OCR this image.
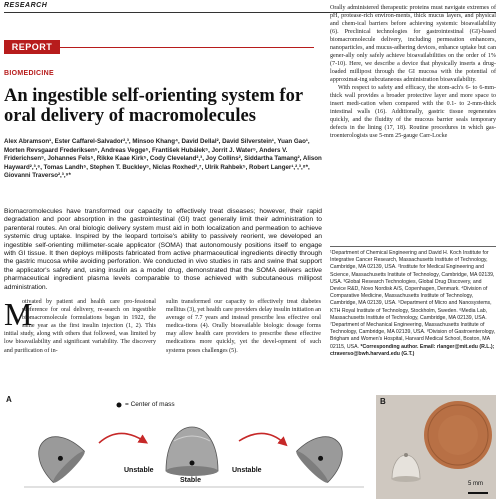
RESEARCH
REPORT
BIOMEDICINE
An ingestible self-orienting system for oral delivery of macromolecules
Alex Abramson¹, Ester Caffarel-Salvador²,³, Minsoo Khang⁴, David Dellal², David Silverstein¹, Yuan Gao¹, Morten Revsgaard Frederiksen⁵, Andreas Vegge⁵, František Hubálek⁵, Jorrit J. Water⁵, Anders V. Friderichsen⁵, Johannes Fels⁵, Rikke Kaae Kirk⁵, Cody Cleveland²,³, Joy Collins², Siddartha Tamang², Alison Hayward²,³,⁶, Tomas Landh⁵, Stephen T. Buckley⁵, Niclas Roxhed²,⁷, Ulrik Rahbek⁵, Robert Langer¹,²,³,⁸*, Giovanni Traverso²,³,⁹*
Biomacromolecules have transformed our capacity to effectively treat diseases; however, their rapid degradation and poor absorption in the gastrointestinal (GI) tract generally limit their administration to parenteral routes. An oral biologic delivery system must aid in both localization and permeation to achieve systemic drug uptake. Inspired by the leopard tortoise's ability to passively reorient, we developed an ingestible self-orienting millimeter-scale applicator (SOMA) that autonomously positions itself to engage with GI tissue. It then deploys milliposts fabricated from active pharmaceutical ingredients directly through the gastric mucosa while avoiding perforation. We conducted in vivo studies in rats and swine that support the applicator's safety and, using insulin as a model drug, demonstrated that the SOMA delivers active pharmaceutical ingredient plasma levels comparable to those achieved with subcutaneous millipost administration.
otivated by patient and health care pro-fessional preference for oral delivery, re-search on ingestible biomacromolecule formulations began in 1922, the same year as the first insulin injection (1, 2). This initial study, along with others that followed, was limited by low bioavailability and significant variability. The discovery and purification of in-
M	sulin transformed our capacity to effectively treat diabetes mellitus (3), yet health care providers delay insulin initiation an average of 7.7 years and instead prescribe less effective oral medica-tions (4). Orally bioavailable biologic dosage forms may allow health care providers to prescribe these effective medications more quickly, yet the devel-opment of such systems poses challenges (5).

Orally administered therapeutic proteins must navigate extremes of pH, protease-rich environ-ments, thick mucus layers, and physical and chem-ical barriers before achieving systemic bioavailability (6). Preclinical technologies for gastrointestinal (GI)-based biomacromolecule delivery, including permeation enhancers, nanoparticles, and mucus-adhering devices, enhance uptake but can gener-ally only safely achieve bioavailabilities on the order of 1% (7-10). Here, we describe a device that physically inserts a drug-loaded millipost through the GI mucosa with the potential of approximat-ing subcutaneous administration bioavailability.

With respect to safety and efficacy, the stom-ach's 6- to 6-mm-thick wall provides a broader protective layer and more space to insert medi-cation when compared with the 0.1- to 2-mm-thick intestinal walls (16). Additionally, gastric tissue regenerates quickly, and the fluidity of the mucous barrier seals temporary defects in the lining (17, 18). Routine procedures in which gas-troenterologists use 5-mm 25-gauge Carr-Locke

¹Department of Chemical Engineering and David H. Koch Institute for Integrative Cancer Research, Massachusetts Institute of Technology, Cambridge, MA 02139, USA. ²Institute for Medical Engineering and Science, Massachusetts Institute of Technology, Cambridge, MA 02139, USA. ³Global Research Technologies, Global Drug Discovery, and Device R&D, Novo Nordisk A/S, Copenhagen, Denmark. ⁴Division of Comparative Medicine, Massachusetts Institute of Technology, Cambridge, MA 02139, USA. ⁵Department of Micro and Nanosystems, KTH Royal Institute of Technology, Stockholm, Sweden. ⁶Media Lab, Massachusetts Institute of Technology, Cambridge, MA 02139, USA. ⁷Department of Mechanical Engineering, Massachusetts Institute of Technology, Cambridge, MA 02139, USA. ⁸Division of Gastroenterology, Brigham and Women's Hospital, Harvard Medical School, Boston, MA 02115, USA. *Corresponding author. Email: rlanger@mit.edu (R.L.); ctraverso@bwh.harvard.edu (G.T.)
A
= Center of mass
Unstable
Stable
Unstable
5 mm
B
